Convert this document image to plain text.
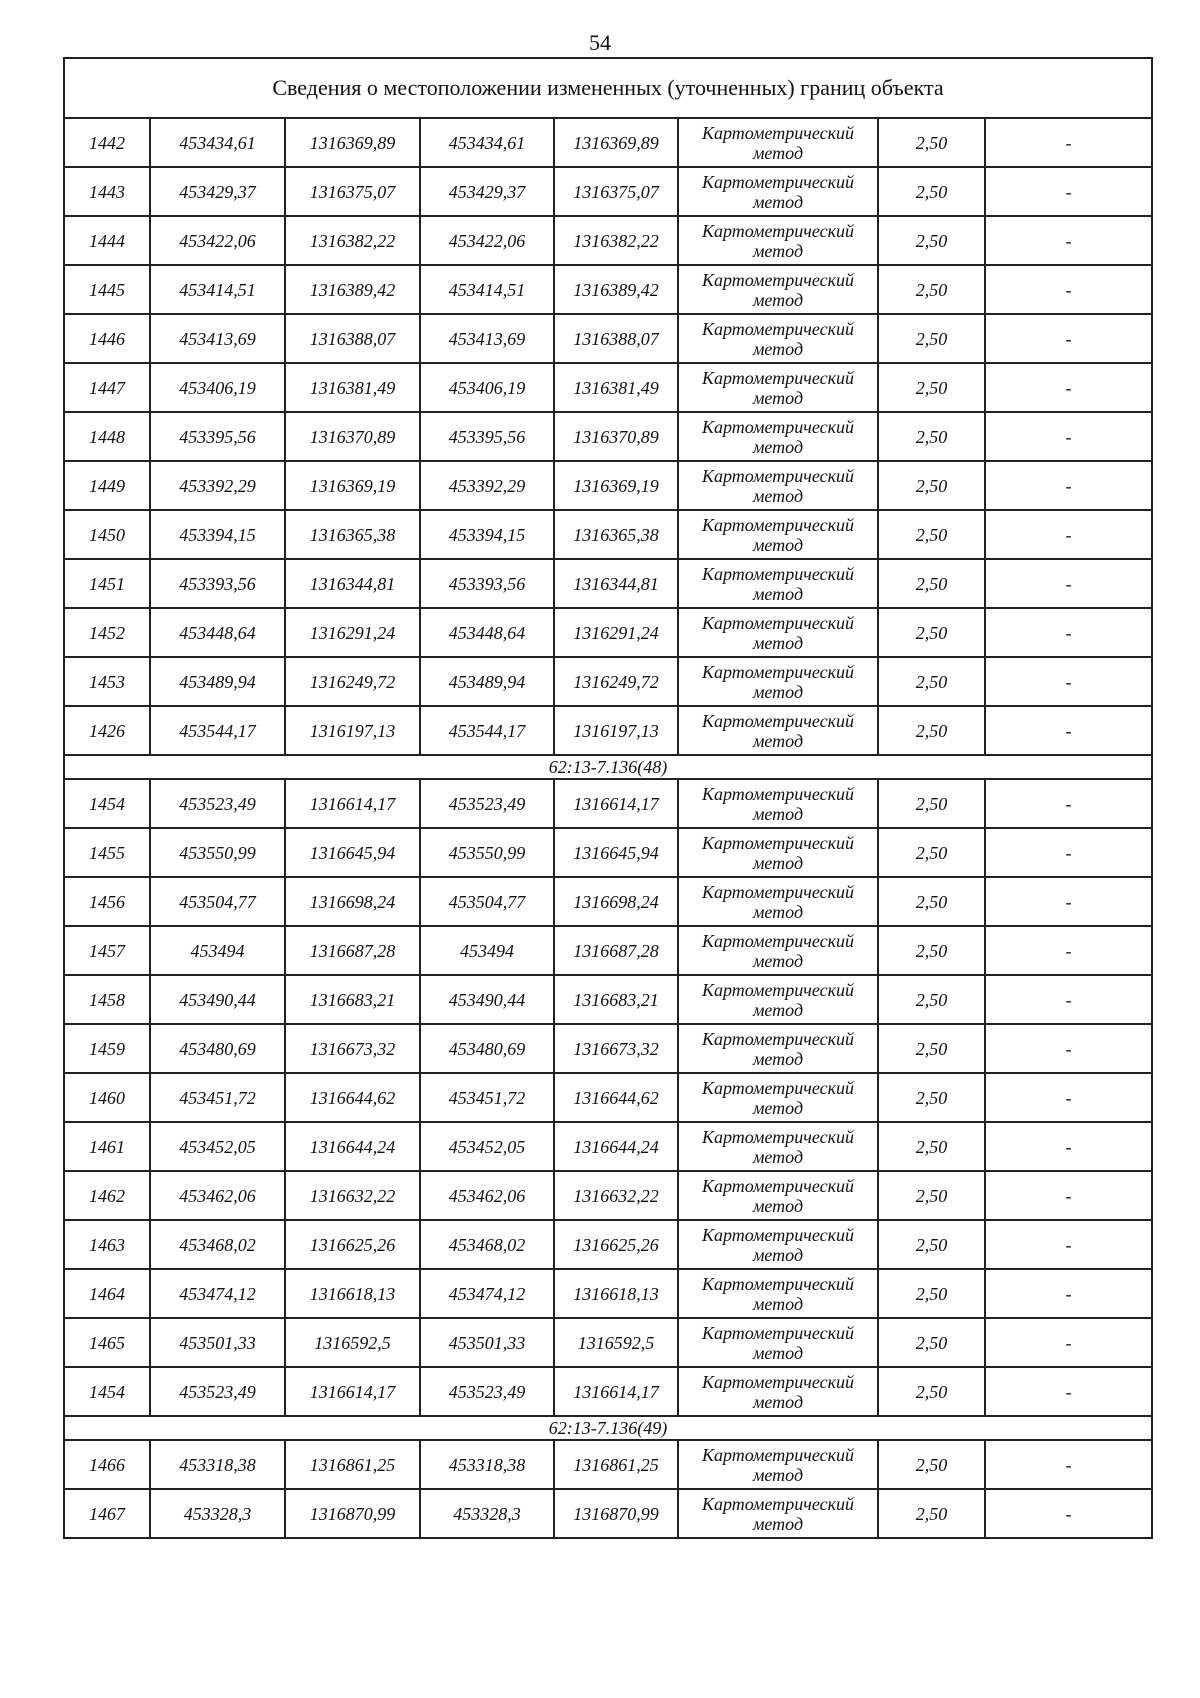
54
Сведения о местоположении измененных (уточненных) границ объекта							
1442	453434,61	1316369,89	453434,61	1316369,89	Картометрический
метод	2,50	-
1443	453429,37	1316375,07	453429,37	1316375,07	Картометрический
метод	2,50	-
1444	453422,06	1316382,22	453422,06	1316382,22	Картометрический
метод	2,50	-
1445	453414,51	1316389,42	453414,51	1316389,42	Картометрический
метод	2,50	-
1446	453413,69	1316388,07	453413,69	1316388,07	Картометрический
метод	2,50	-
1447	453406,19	1316381,49	453406,19	1316381,49	Картометрический
метод	2,50	-
1448	453395,56	1316370,89	453395,56	1316370,89	Картометрический
метод	2,50	-
1449	453392,29	1316369,19	453392,29	1316369,19	Картометрический
метод	2,50	-
1450	453394,15	1316365,38	453394,15	1316365,38	Картометрический
метод	2,50	-
1451	453393,56	1316344,81	453393,56	1316344,81	Картометрический
метод	2,50	-
1452	453448,64	1316291,24	453448,64	1316291,24	Картометрический
метод	2,50	-
1453	453489,94	1316249,72	453489,94	1316249,72	Картометрический
метод	2,50	-
1426	453544,17	1316197,13	453544,17	1316197,13	Картометрический
метод	2,50	-
62:13-7.136(48)							
1454	453523,49	1316614,17	453523,49	1316614,17	Картометрический
метод	2,50	-
1455	453550,99	1316645,94	453550,99	1316645,94	Картометрический
метод	2,50	-
1456	453504,77	1316698,24	453504,77	1316698,24	Картометрический
метод	2,50	-
1457	453494	1316687,28	453494	1316687,28	Картометрический
метод	2,50	-
1458	453490,44	1316683,21	453490,44	1316683,21	Картометрический
метод	2,50	-
1459	453480,69	1316673,32	453480,69	1316673,32	Картометрический
метод	2,50	-
1460	453451,72	1316644,62	453451,72	1316644,62	Картометрический
метод	2,50	-
1461	453452,05	1316644,24	453452,05	1316644,24	Картометрический
метод	2,50	-
1462	453462,06	1316632,22	453462,06	1316632,22	Картометрический
метод	2,50	-
1463	453468,02	1316625,26	453468,02	1316625,26	Картометрический
метод	2,50	-
1464	453474,12	1316618,13	453474,12	1316618,13	Картометрический
метод	2,50	-
1465	453501,33	1316592,5	453501,33	1316592,5	Картометрический
метод	2,50	-
1454	453523,49	1316614,17	453523,49	1316614,17	Картометрический
метод	2,50	-
62:13-7.136(49)							
1466	453318,38	1316861,25	453318,38	1316861,25	Картометрический
метод	2,50	-
1467	453328,3	1316870,99	453328,3	1316870,99	Картометрический
метод	2,50	-
